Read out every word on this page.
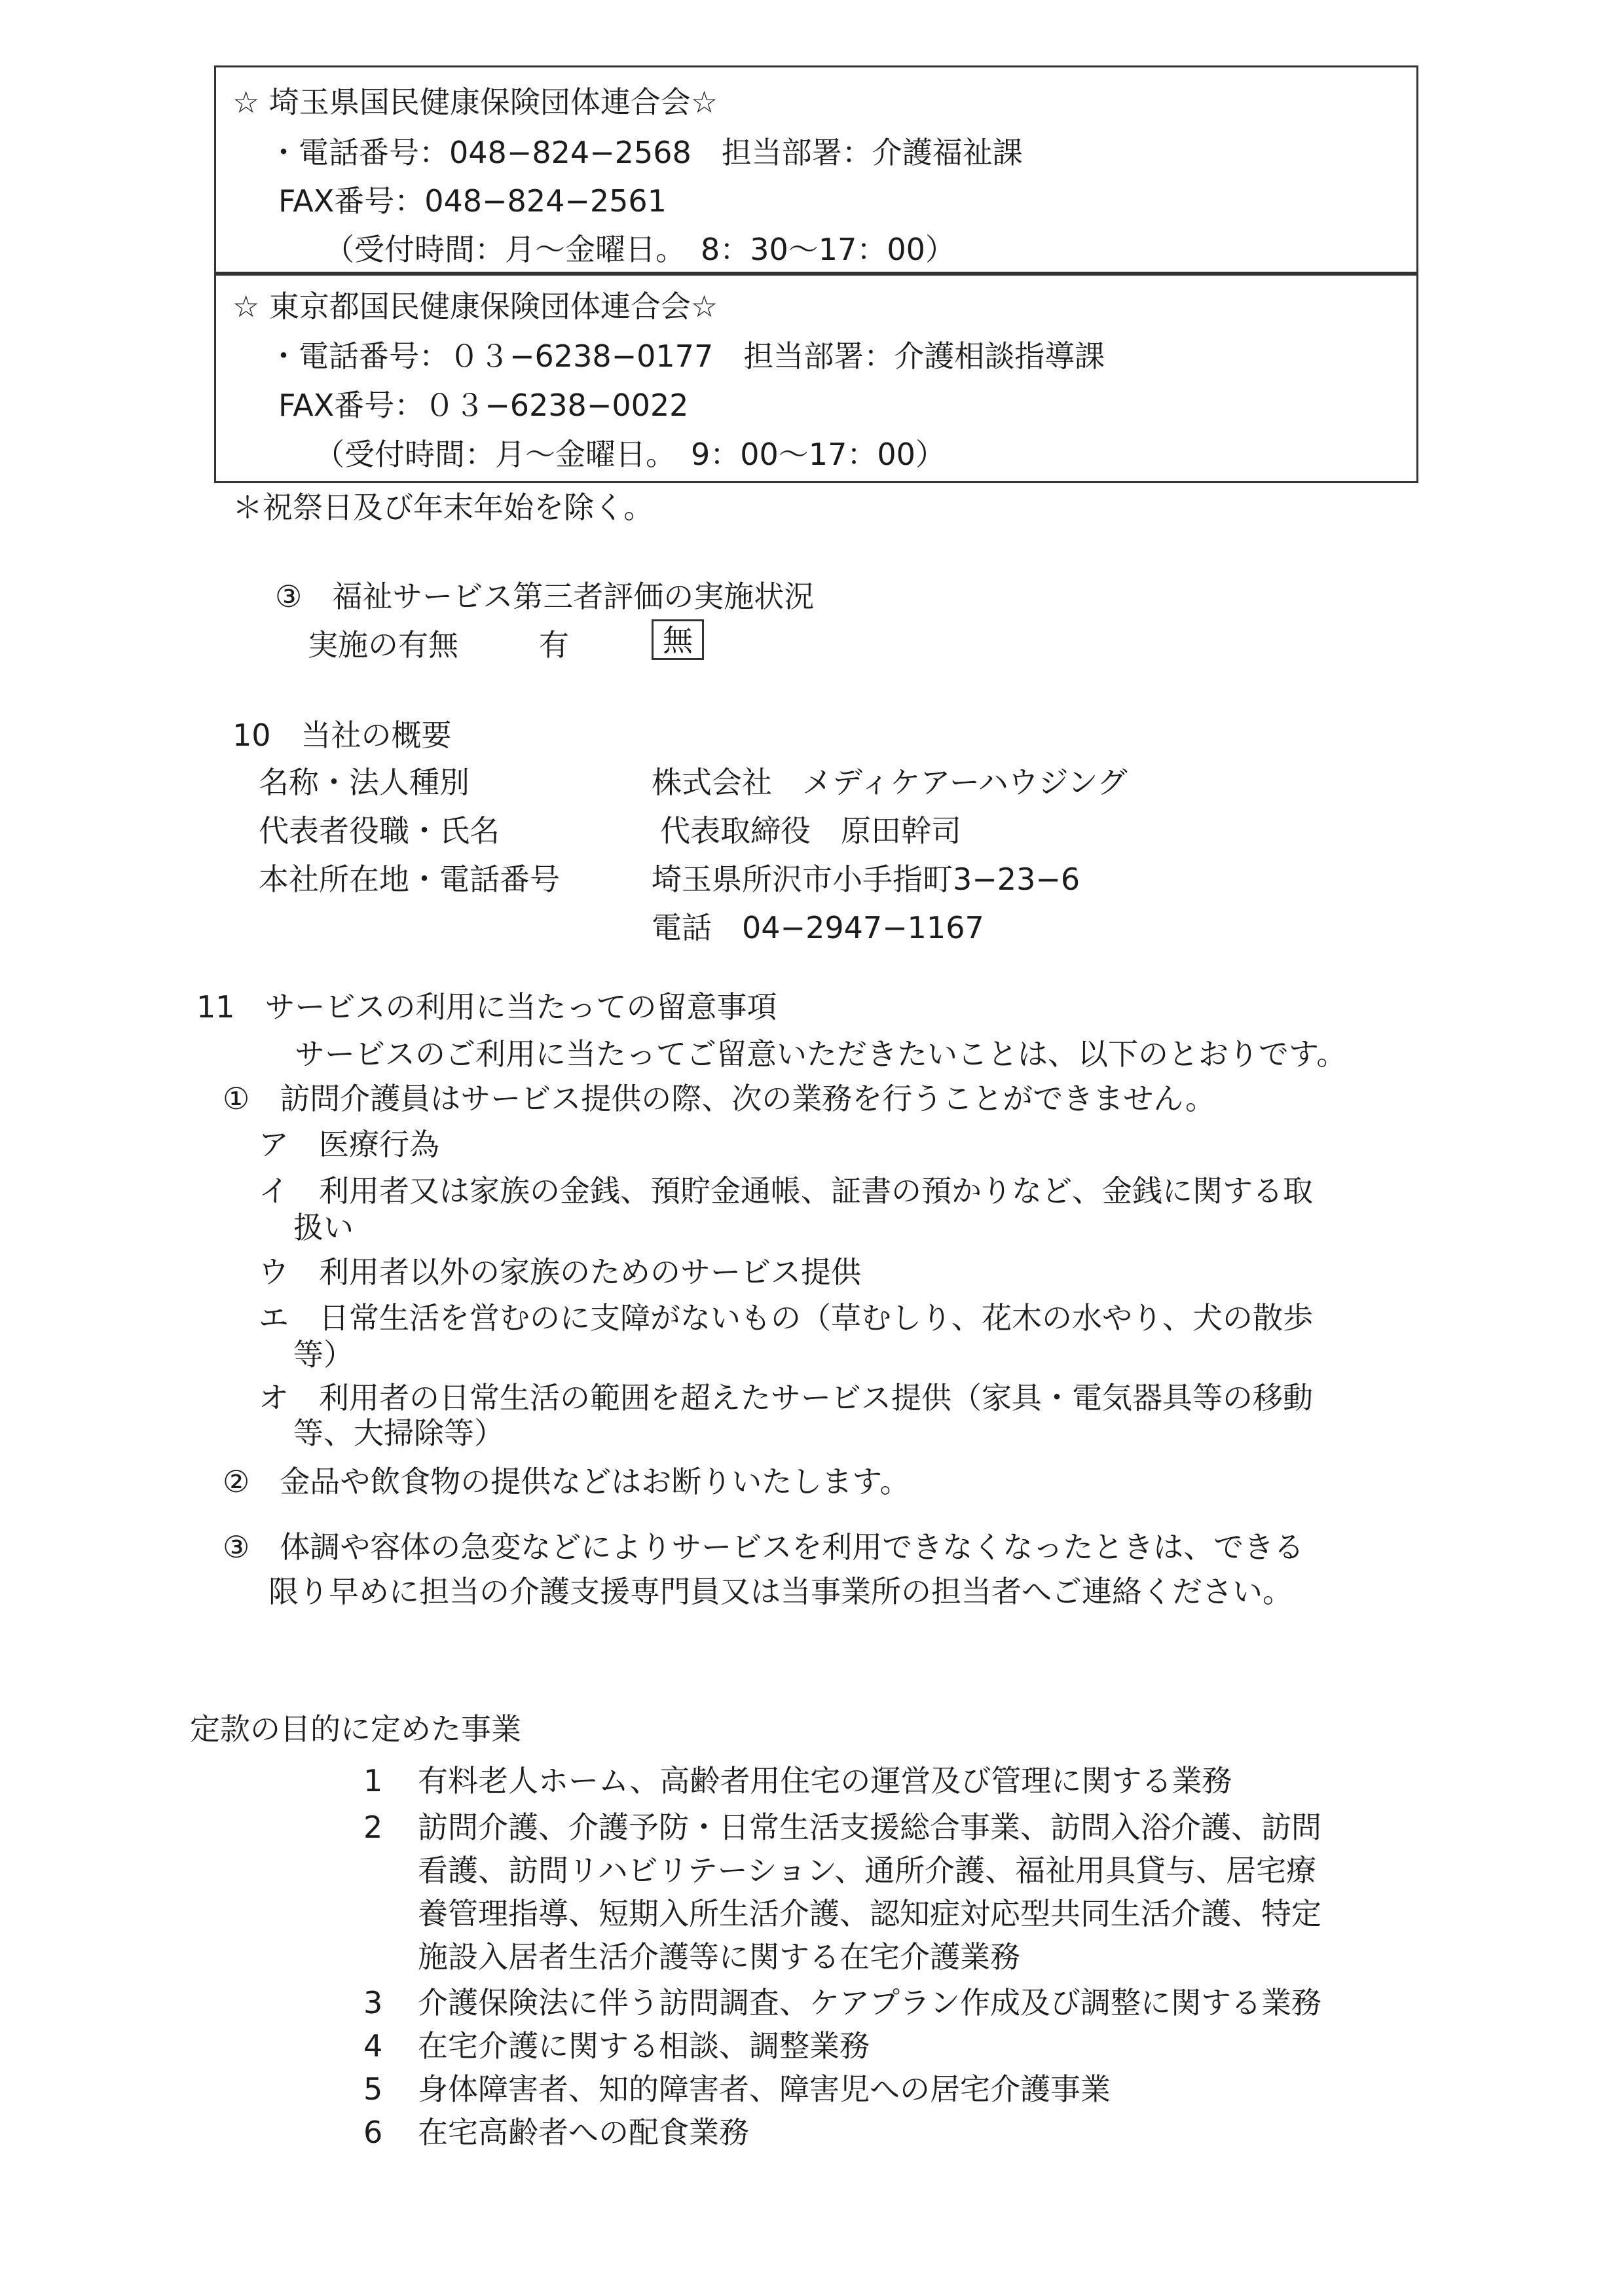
☆ 埼玉県国民健康保険団体連合会☆
・電話番号：048−824−2568　担当部署：介護福祉課
FAX番号：048−824−2561
（受付時間：月～金曜日。　8：30～17：00）
☆ 東京都国民健康保険団体連合会☆
・電話番号：０３−6238−0177　担当部署：介護相談指導課
FAX番号：０３−6238−0022
（受付時間：月～金曜日。　9：00～17：00）
＊祝祭日及び年末年始を除く。
③　福祉サービス第三者評価の実施状況
実施の有無	有	無
10　当社の概要
名称・法人種別	株式会社　メディケアーハウジング
代表者役職・氏名	代表取締役　原田幹司
本社所在地・電話番号	埼玉県所沢市小手指町3−23−6
電話　04−2947−1167
11　サービスの利用に当たっての留意事項
サービスのご利用に当たってご留意いただきたいことは、以下のとおりです。
①　訪問介護員はサービス提供の際、次の業務を行うことができません。
ア　医療行為
イ　利用者又は家族の金銭、預貯金通帳、証書の預かりなど、金銭に関する取
扱い
ウ　利用者以外の家族のためのサービス提供
エ　日常生活を営むのに支障がないもの（草むしり、花木の水やり、犬の散歩
等）
オ　利用者の日常生活の範囲を超えたサービス提供（家具・電気器具等の移動
等、大掃除等）
②　金品や飲食物の提供などはお断りいたします。
③　体調や容体の急変などによりサービスを利用できなくなったときは、できる
限り早めに担当の介護支援専門員又は当事業所の担当者へご連絡ください。
定款の目的に定めた事業
1 有料老人ホーム、高齢者用住宅の運営及び管理に関する業務
2 訪問介護、介護予防・日常生活支援総合事業、訪問入浴介護、訪問
看護、訪問リハビリテーション、通所介護、福祉用具貸与、居宅療
養管理指導、短期入所生活介護、認知症対応型共同生活介護、特定
施設入居者生活介護等に関する在宅介護業務
3 介護保険法に伴う訪問調査、ケアプラン作成及び調整に関する業務
4 在宅介護に関する相談、調整業務
5 身体障害者、知的障害者、障害児への居宅介護事業
6 在宅高齢者への配食業務
